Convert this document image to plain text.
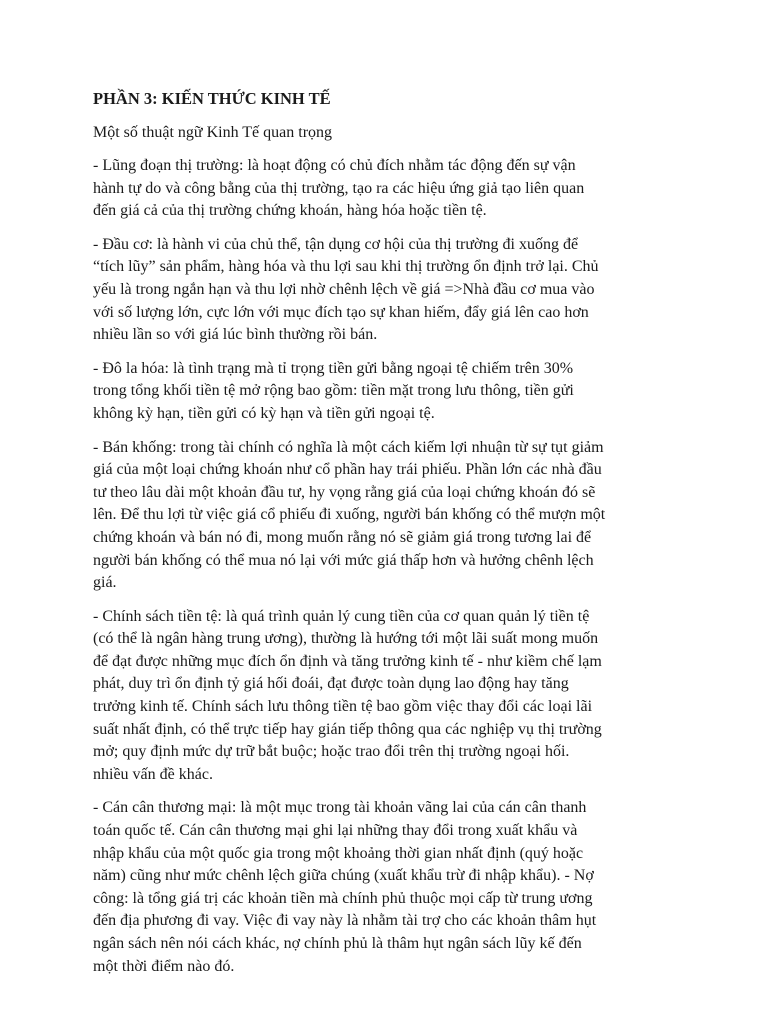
PHẦN 3: KIẾN THỨC KINH TẾ

Một số thuật ngữ Kinh Tế quan trọng

- Lũng đoạn thị trường: là hoạt động có chủ đích nhằm tác động đến sự vận
hành tự do và công bằng của thị trường, tạo ra các hiệu ứng giả tạo liên quan
đến giá cả của thị trường chứng khoán, hàng hóa hoặc tiền tệ.

- Đầu cơ: là hành vi của chủ thể, tận dụng cơ hội của thị trường đi xuống để
“tích lũy” sản phẩm, hàng hóa và thu lợi sau khi thị trường ổn định trở lại. Chủ
yếu là trong ngắn hạn và thu lợi nhờ chênh lệch về giá =>Nhà đầu cơ mua vào
với số lượng lớn, cực lớn với mục đích tạo sự khan hiếm, đẩy giá lên cao hơn
nhiều lần so với giá lúc bình thường rồi bán.

- Đô la hóa: là tình trạng mà tỉ trọng tiền gửi bằng ngoại tệ chiếm trên 30%
trong tổng khối tiền tệ mở rộng bao gồm: tiền mặt trong lưu thông, tiền gửi
không kỳ hạn, tiền gửi có kỳ hạn và tiền gửi ngoại tệ.

- Bán khống: trong tài chính có nghĩa là một cách kiếm lợi nhuận từ sự tụt giảm
giá của một loại chứng khoán như cổ phần hay trái phiếu. Phần lớn các nhà đầu
tư theo lâu dài một khoản đầu tư, hy vọng rằng giá của loại chứng khoán đó sẽ
lên. Để thu lợi từ việc giá cổ phiếu đi xuống, người bán khống có thể mượn một
chứng khoán và bán nó đi, mong muốn rằng nó sẽ giảm giá trong tương lai để
người bán khống có thể mua nó lại với mức giá thấp hơn và hưởng chênh lệch
giá.

- Chính sách tiền tệ: là quá trình quản lý cung tiền của cơ quan quản lý tiền tệ
(có thể là ngân hàng trung ương), thường là hướng tới một lãi suất mong muốn
để đạt được những mục đích ổn định và tăng trưởng kinh tế - như kiềm chế lạm
phát, duy trì ổn định tỷ giá hối đoái, đạt được toàn dụng lao động hay tăng
trưởng kinh tế. Chính sách lưu thông tiền tệ bao gồm việc thay đổi các loại lãi
suất nhất định, có thể trực tiếp hay gián tiếp thông qua các nghiệp vụ thị trường
mở; quy định mức dự trữ bắt buộc; hoặc trao đổi trên thị trường ngoại hối.
nhiều vấn đề khác.

- Cán cân thương mại: là một mục trong tài khoản vãng lai của cán cân thanh
toán quốc tế. Cán cân thương mại ghi lại những thay đổi trong xuất khẩu và
nhập khẩu của một quốc gia trong một khoảng thời gian nhất định (quý hoặc
năm) cũng như mức chênh lệch giữa chúng (xuất khẩu trừ đi nhập khẩu). - Nợ
công: là tổng giá trị các khoản tiền mà chính phủ thuộc mọi cấp từ trung ương
đến địa phương đi vay. Việc đi vay này là nhằm tài trợ cho các khoản thâm hụt
ngân sách nên nói cách khác, nợ chính phủ là thâm hụt ngân sách lũy kế đến
một thời điểm nào đó.
